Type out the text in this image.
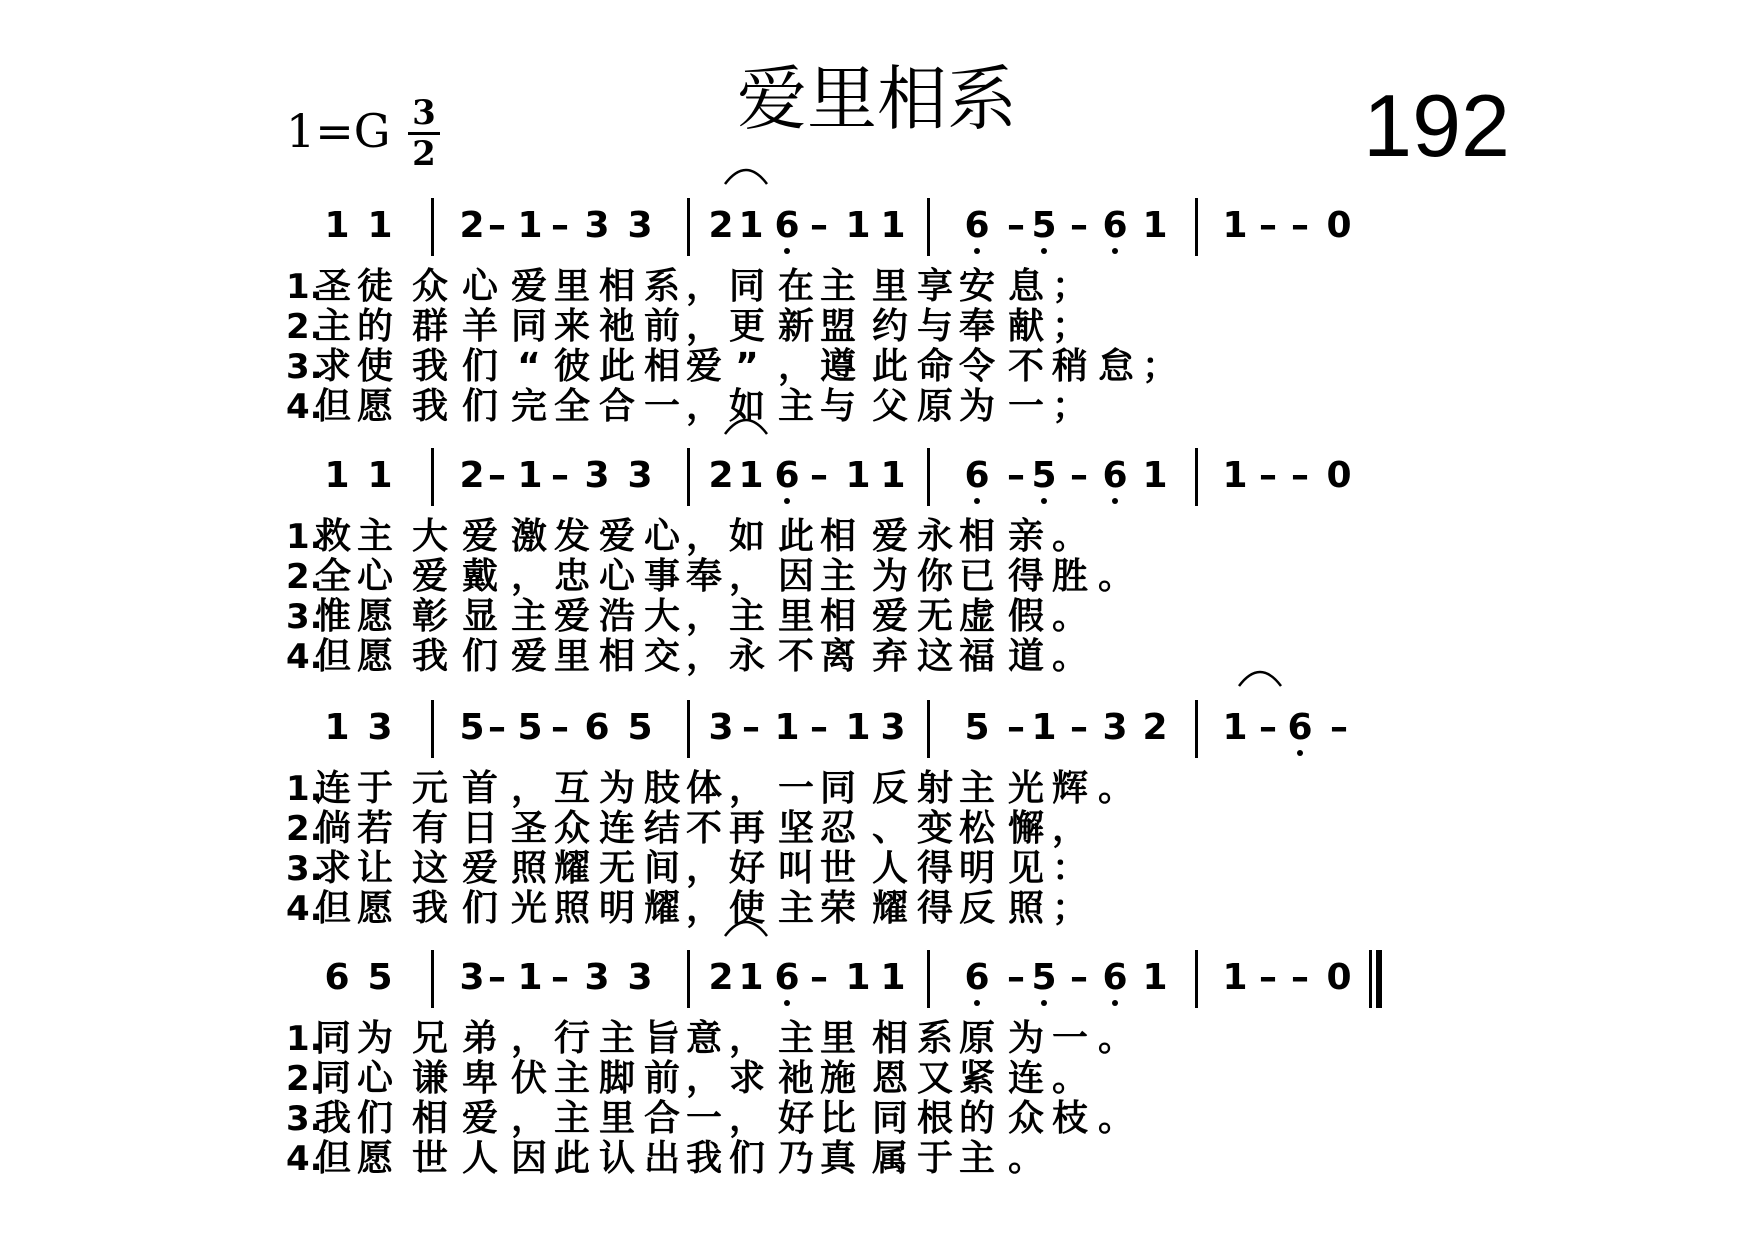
1=G 3
2
爱里相系	192
1 1 2 – 1 – 3 3 2 1 6 – 1 1 6 – 5 – 6 1 1 – – 0
1.
圣 徒 众 心 爱 里 相 系 ， 同 在 主 里 享 安 息 ；
2.
主 的 群 羊 同 来 祂 前 ， 更 新 盟 约 与 奉 献 ；
3.
求 使 我 们 “ 彼 此 相 爱 ” ， 遵 此 命 令 不 稍 怠 ；
4.
但 愿 我 们 完 全 合 一 ， 如 主 与 父 原 为 一 ；
1 1 2 – 1 – 3 3 2 1 6 – 1 1 6 – 5 – 6 1 1 – – 0
1.
救 主 大 爱 激 发 爱 心 ， 如 此 相 爱 永 相 亲 。
2.
全 心 爱 戴 ， 忠 心 事 奉 ， 因 主 为 你 已 得 胜 。
3.
惟 愿 彰 显 主 爱 浩 大 ， 主 里 相 爱 无 虚 假 。
4.
但 愿 我 们 爱 里 相 交 ， 永 不 离 弃 这 福 道 。
1 3 5 – 5 – 6 5 3 – 1 – 1 3 5 – 1 – 3 2 1 – 6 –
1.
连 于 元 首 ， 互 为 肢 体 ， 一 同 反 射 主 光 辉 。
2.
倘 若 有 日 圣 众 连 结 不 再 坚 忍 、 变 松 懈 ，
3.
求 让 这 爱 照 耀 无 间 ， 好 叫 世 人 得 明 见 ：
4.
但 愿 我 们 光 照 明 耀 ， 使 主 荣 耀 得 反 照 ；
6 5 3 – 1 – 3 3 2 1 6 – 1 1 6 – 5 – 6 1 1 – – 0
1.
同 为 兄 弟 ， 行 主 旨 意 ， 主 里 相 系 原 为 一 。
2.
同 心 谦 卑 伏 主 脚 前 ， 求 祂 施 恩 又 紧 连 。
3.
我 们 相 爱 ， 主 里 合 一 ， 好 比 同 根 的 众 枝 。
4.
但 愿 世 人 因 此 认 出 我 们 乃 真 属 于 主 。
